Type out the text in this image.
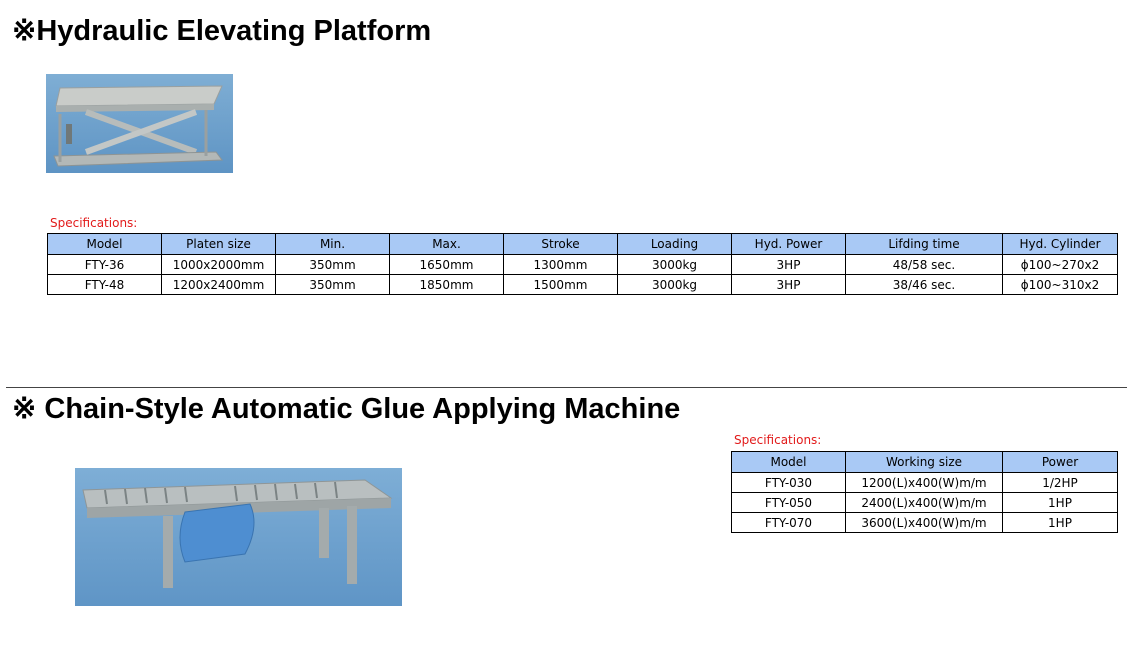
※Hydraulic Elevating Platform
Specifications:
Model	Platen size	Min.	Max.	Stroke	Loading	Hyd. Power	Lifding time	Hyd. Cylinder
FTY-36	1000x2000mm	350mm	1650mm	1300mm	3000kg	3HP	48/58 sec.	ϕ100~270x2
FTY-48	1200x2400mm	350mm	1850mm	1500mm	3000kg	3HP	38/46 sec.	ϕ100~310x2
※ Chain-Style Automatic Glue Applying Machine
Specifications:
Model	Working size	Power
FTY-030	1200(L)x400(W)m/m	1/2HP
FTY-050	2400(L)x400(W)m/m	1HP
FTY-070	3600(L)x400(W)m/m	1HP
